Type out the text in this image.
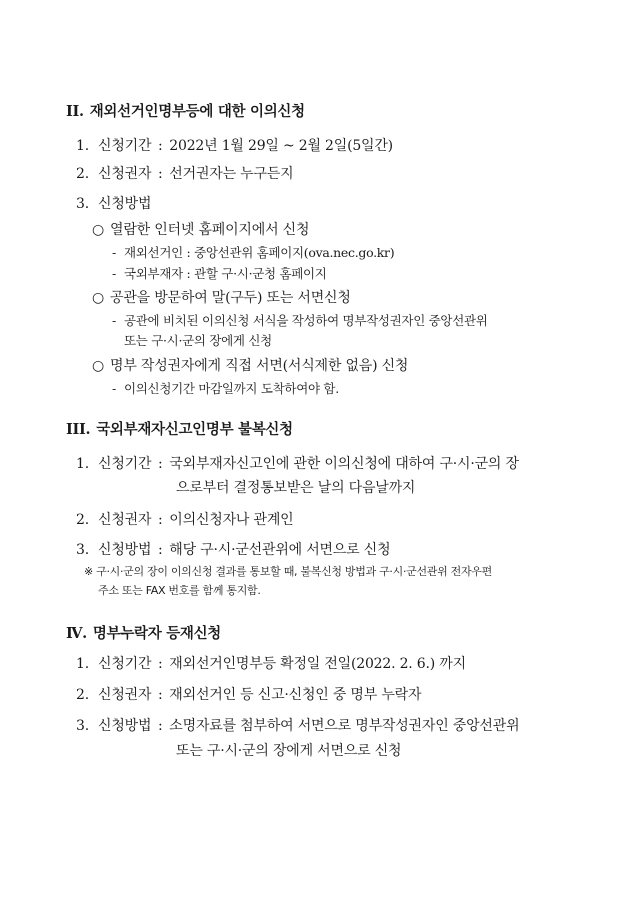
II. 재외선거인명부등에 대한 이의신청
1. 신청기간 : 2022년 1월 29일 ~ 2월 2일(5일간)
2. 신청권자 : 선거권자는 누구든지
3. 신청방법
○ 열람한 인터넷 홈페이지에서 신청
- 재외선거인 : 중앙선관위 홈페이지(ova.nec.go.kr)
- 국외부재자 : 관할 구·시·군청 홈페이지
○ 공관을 방문하여 말(구두) 또는 서면신청
- 공관에 비치된 이의신청 서식을 작성하여 명부작성권자인 중앙선관위
또는 구·시·군의 장에게 신청
○ 명부 작성권자에게 직접 서면(서식제한 없음) 신청
- 이의신청기간 마감일까지 도착하여야 함.
III. 국외부재자신고인명부 불복신청
1. 신청기간 : 국외부재자신고인에 관한 이의신청에 대하여 구·시·군의 장
으로부터 결정통보받은 날의 다음날까지
2. 신청권자 : 이의신청자나 관계인
3. 신청방법 : 해당 구·시·군선관위에 서면으로 신청
※ 구·시·군의 장이 이의신청 결과를 통보할 때, 불복신청 방법과 구·시·군선관위 전자우편
주소 또는 FAX 번호를 함께 통지함.
Ⅳ. 명부누락자 등재신청
1. 신청기간 : 재외선거인명부등 확정일 전일(2022. 2. 6.) 까지
2. 신청권자 : 재외선거인 등 신고·신청인 중 명부 누락자
3. 신청방법 : 소명자료를 첨부하여 서면으로 명부작성권자인 중앙선관위
또는 구·시·군의 장에게 서면으로 신청
